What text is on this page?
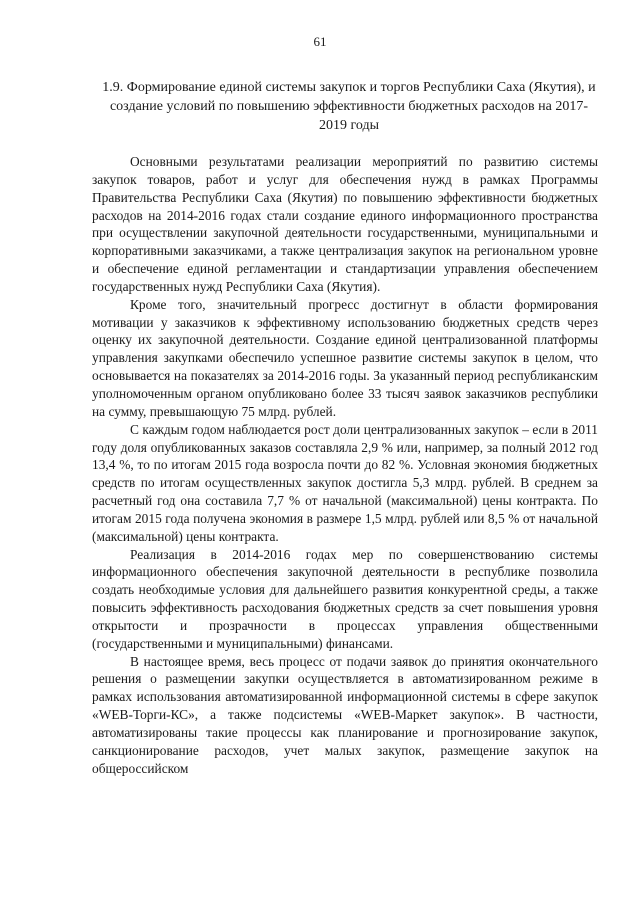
61
1.9. Формирование единой системы закупок и торгов Республики Саха (Якутия), и создание условий по повышению эффективности бюджетных расходов на 2017-2019 годы

Основными результатами реализации мероприятий по развитию системы закупок товаров, работ и услуг для обеспечения нужд в рамках Программы Правительства Республики Саха (Якутия) по повышению эффективности бюджетных расходов на 2014-2016 годах стали создание единого информационного пространства при осуществлении закупочной деятельности государственными, муниципальными и корпоративными заказчиками, а также централизация закупок на региональном уровне и обеспечение единой регламентации и стандартизации управления обеспечением государственных нужд Республики Саха (Якутия).

Кроме того, значительный прогресс достигнут в области формирования мотивации у заказчиков к эффективному использованию бюджетных средств через оценку их закупочной деятельности. Создание единой централизованной платформы управления закупками обеспечило успешное развитие системы закупок в целом, что основывается на показателях за 2014-2016 годы. За указанный период республиканским уполномоченным органом опубликовано более 33 тысяч заявок заказчиков республики на сумму, превышающую 75 млрд. рублей.

С каждым годом наблюдается рост доли централизованных закупок – если в 2011 году доля опубликованных заказов составляла 2,9 % или, например, за полный 2012 год 13,4 %, то по итогам 2015 года возросла почти до 82 %. Условная экономия бюджетных средств по итогам осуществленных закупок достигла 5,3 млрд. рублей. В среднем за расчетный год она составила 7,7 % от начальной (максимальной) цены контракта. По итогам 2015 года получена экономия в размере 1,5 млрд. рублей или 8,5 % от начальной (максимальной) цены контракта.

Реализация в 2014-2016 годах мер по совершенствованию системы информационного обеспечения закупочной деятельности в республике позволила создать необходимые условия для дальнейшего развития конкурентной среды, а также повысить эффективность расходования бюджетных средств за счет повышения уровня открытости и прозрачности в процессах управления общественными (государственными и муниципальными) финансами.

В настоящее время, весь процесс от подачи заявок до принятия окончательного решения о размещении закупки осуществляется в автоматизированном режиме в рамках использования автоматизированной информационной системы в сфере закупок «WEB-Торги-КС», а также подсистемы «WEB-Маркет закупок». В частности, автоматизированы такие процессы как планирование и прогнозирование закупок, санкционирование расходов, учет малых закупок, размещение закупок на общероссийском
